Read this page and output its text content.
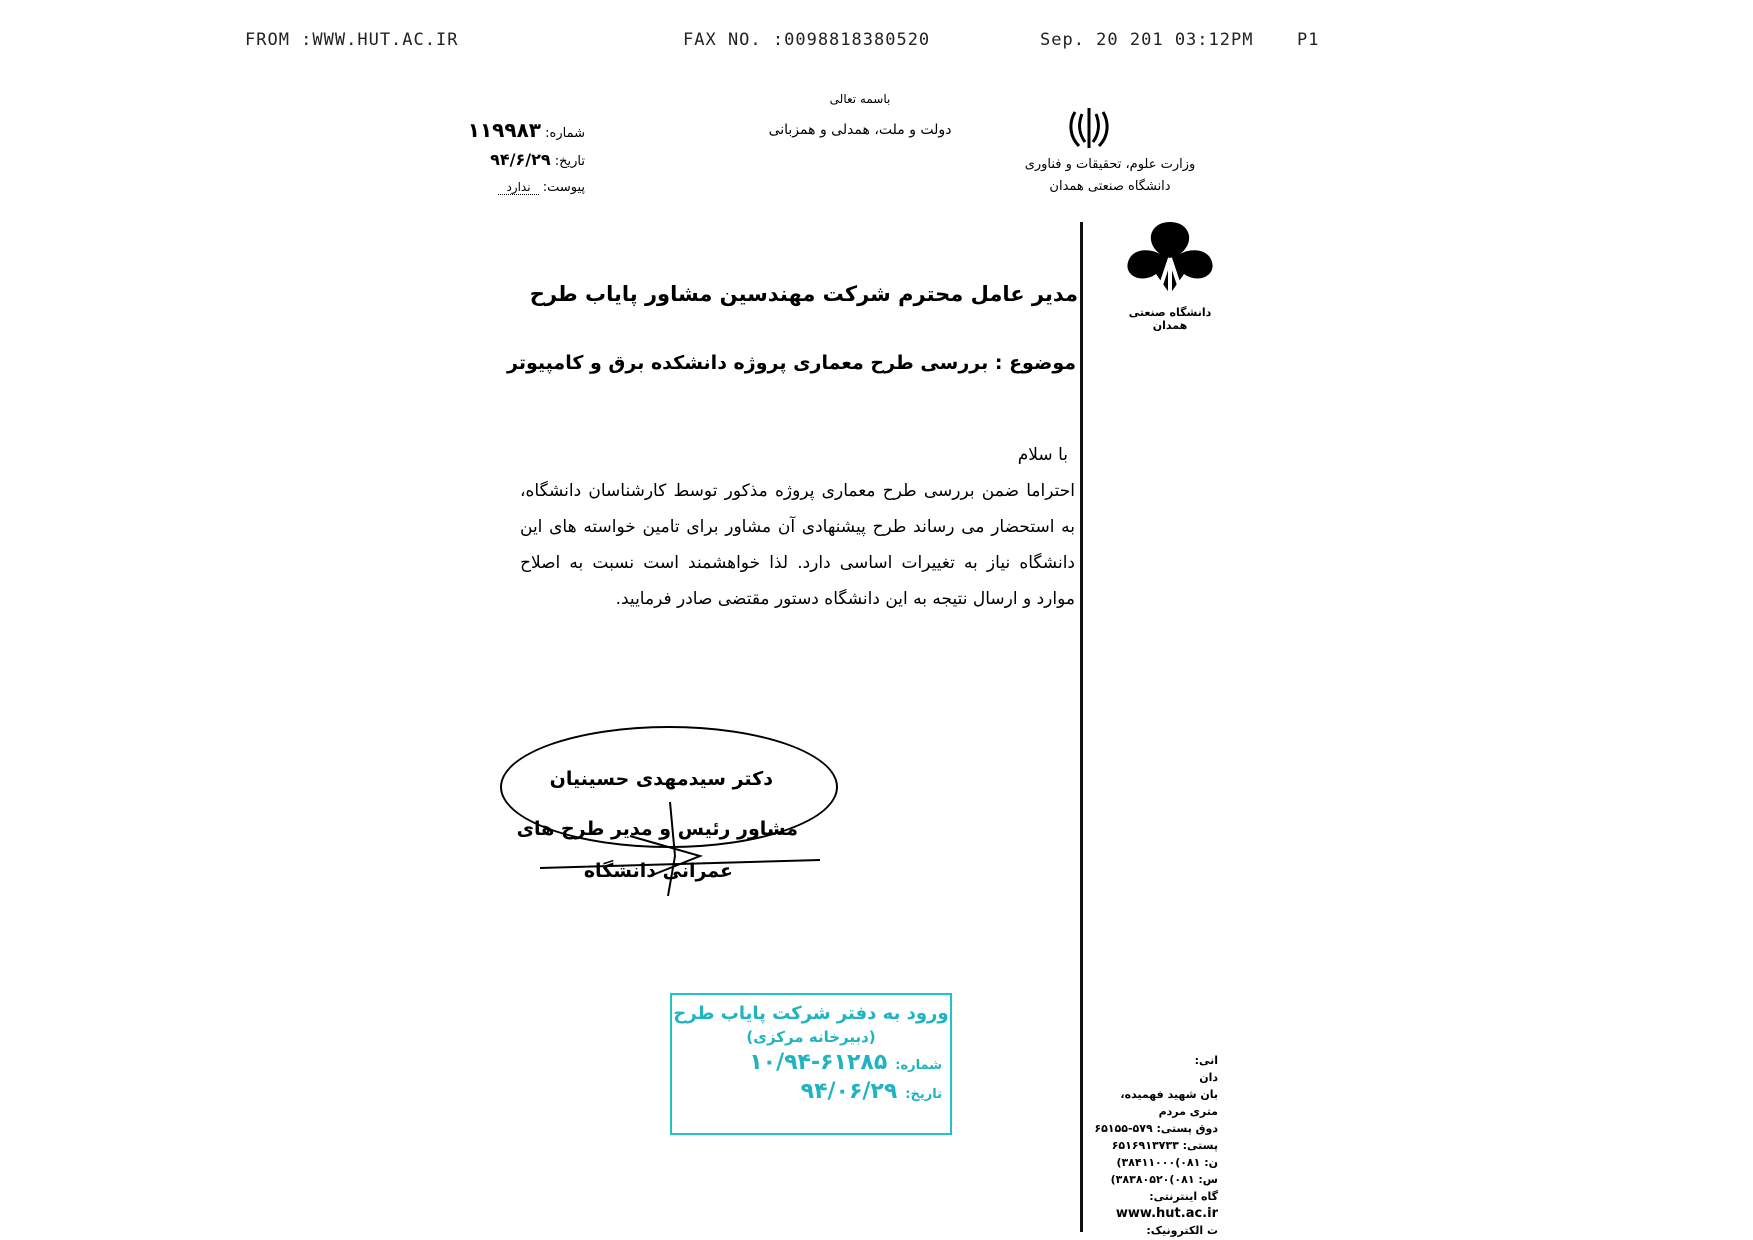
FROM :WWW.HUT.AC.IR	FAX NO. :00988‍18380520	Sep. 20 201‍ 03:12PM	P1
شماره: ۱۱۹۹۸۳
تاریخ: ۹۴/۶/۲۹
پیوست: ندارد
باسمه تعالی
دولت و ملت، همدلی و همزبانی
وزارت علوم، تحقیقات و فناوری
دانشگاه صنعتی همدان
دانشگاه صنعتی همدان
مدیر عامل محترم شرکت مهندسین مشاور پایاب طرح
موضوع : بررسی طرح معماری پروژه دانشکده برق و کامپیوتر
با سلام
احتراما ضمن بررسی طرح معماری پروژه مذکور توسط کارشناسان دانشگاه، به استحضار می رساند طرح پیشنهادی آن مشاور برای تامین خواسته های این دانشگاه نیاز به تغییرات اساسی دارد. لذا خواهشمند است نسبت به اصلاح موارد و ارسال نتیجه به این دانشگاه دستور مقتضی صادر فرمایید.
دکتر سیدمهدی حسینیان
مشاور رئیس و مدیر طرح های
عمرانی دانشگاه
ورود به دفتر شرکت پایاب طرح
(دبیرخانه مرکزی)
شماره:
۱۰/۹۴-۶۱۲۸۵
تاریخ:
۹۴/۰۶/۲۹
انی:
دان
بان شهید فهمیده،
متری مردم
دوق پستی: ۵۷۹-۶۵۱۵۵
پستی: ۶۵۱۶۹۱۳۷۳۳
ن: ۰۸۱)۳۸۴۱۱۰۰۰)
س: ۰۸۱)۳۸۳۸۰۵۲۰)
گاه اینترنتی:
www.hut.ac.ir
ت الکترونیک:
